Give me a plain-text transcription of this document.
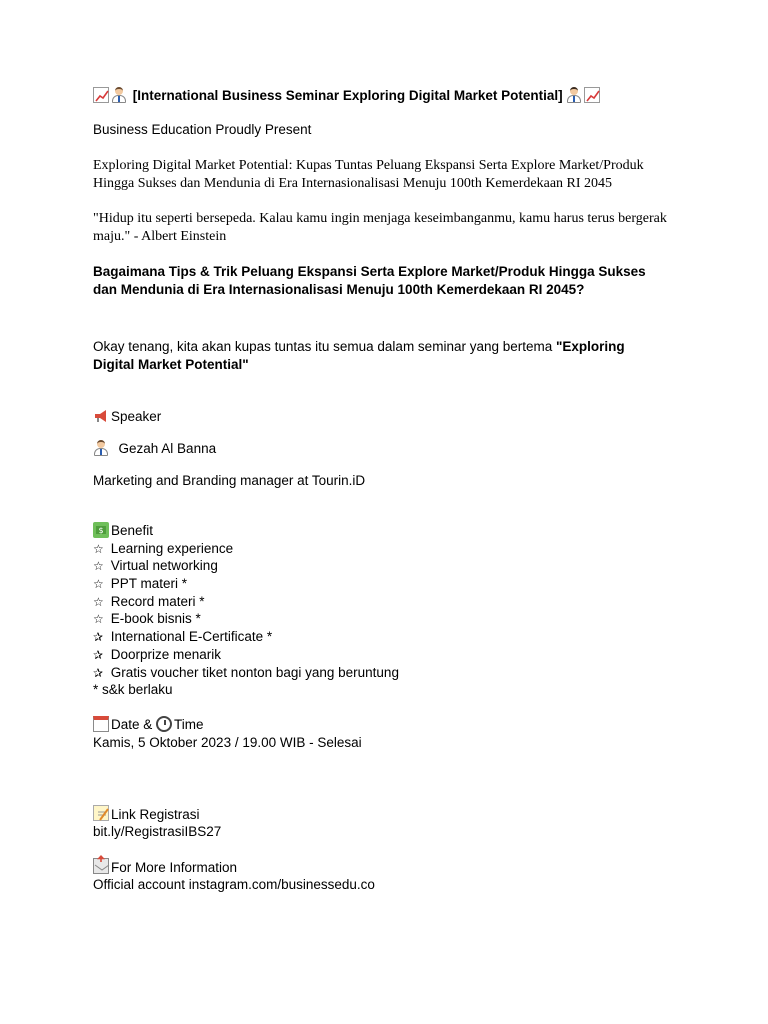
[International Business Seminar Exploring Digital Market Potential]
Business Education Proudly Present
Exploring Digital Market Potential: Kupas Tuntas Peluang Ekspansi Serta Explore Market/Produk Hingga Sukses dan Mendunia di Era Internasionalisasi Menuju 100th Kemerdekaan RI 2045
"Hidup itu seperti bersepeda. Kalau kamu ingin menjaga keseimbanganmu, kamu harus terus bergerak maju." - Albert Einstein
Bagaimana Tips & Trik Peluang Ekspansi Serta Explore Market/Produk Hingga Sukses dan Mendunia di Era Internasionalisasi Menuju 100th Kemerdekaan RI 2045?
Okay tenang, kita akan kupas tuntas itu semua dalam seminar yang bertema "Exploring Digital Market Potential"
Speaker
Gezah Al Banna
Marketing and Branding manager at Tourin.iD
$ Benefit
☆ Learning experience
☆ Virtual networking
☆ PPT materi *
☆ Record materi *
☆ E-book bisnis *
✰ International E-Certificate *
✰ Doorprize menarik
✰ Gratis voucher tiket nonton bagi yang beruntung
* s&k berlaku
Date & Time
Kamis, 5 Oktober 2023 / 19.00 WIB - Selesai
Link Registrasi
bit.ly/RegistrasiIBS27
For More Information
Official account instagram.com/businessedu.co
